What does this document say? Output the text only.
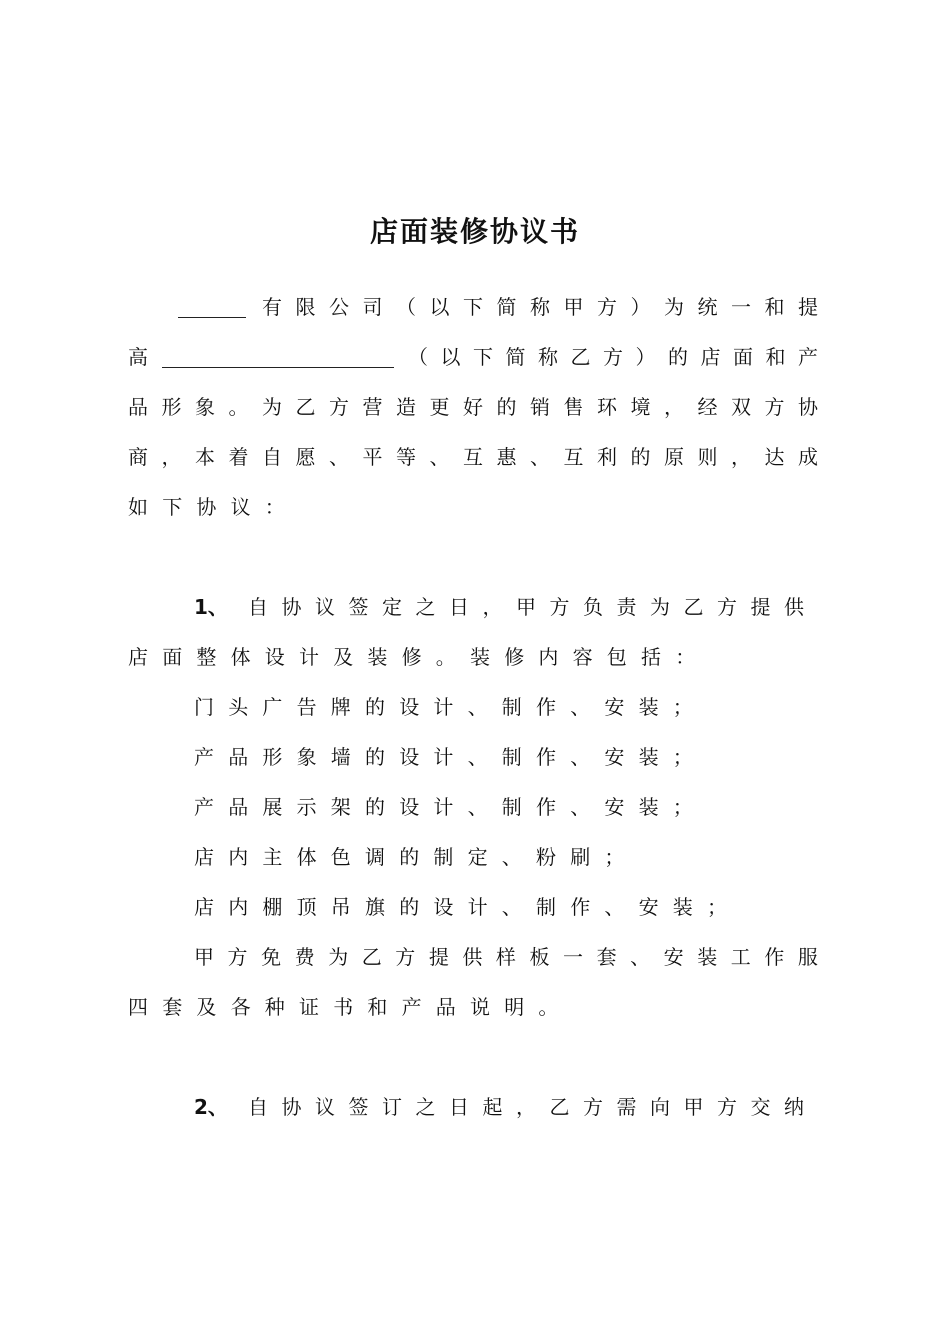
店面装修协议书
有 限 公 司 （ 以 下 简 称 甲 方 ） 为 统 一 和 提
高	（ 以 下 简 称 乙 方 ） 的 店 面 和 产
品 形 象 。 为 乙 方 营 造 更 好 的 销 售 环 境 ， 经 双 方 协
商 ， 本 着 自 愿 、 平 等 、 互 惠 、 互 利 的 原 则 ， 达 成
如下协议：
1、 自 协 议 签 定 之 日 ， 甲 方 负 责 为 乙 方 提 供
店面整体设计及装修。装修内容包括：
门头广告牌的设计、制作、安装；
产品形象墙的设计、制作、安装；
产品展示架的设计、制作、安装；
店内主体色调的制定、粉刷；
店内棚顶吊旗的设计、制作、安装；
甲 方 免 费 为 乙 方 提 供 样 板 一 套 、 安 装 工 作 服
四套及各种证书和产品说明。
2、 自 协 议 签 订 之 日 起 ， 乙 方 需 向 甲 方 交 纳
